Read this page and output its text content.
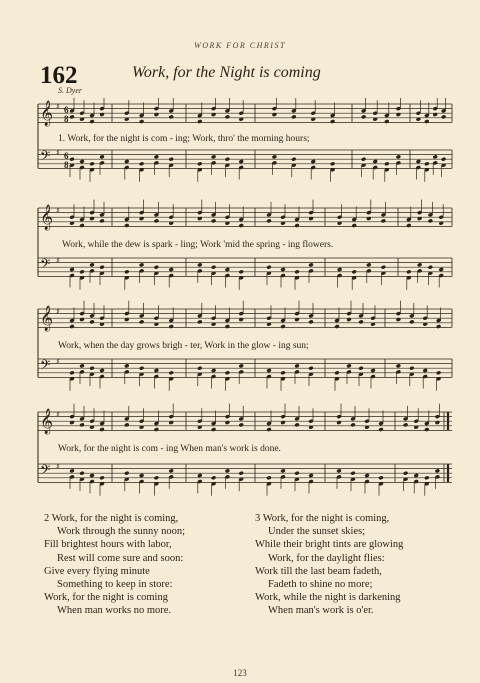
WORK FOR CHRIST
162	Work, for the Night is coming
S. Dyer
𝄞 ♯ 6
8
𝄢 ♯ 6
8
1. Work, for the night is com - ing; Work, thro' the morning hours;
𝄞 ♯
𝄢 ♯
Work, while the dew is spark - ling; Work 'mid the spring - ing flowers.
𝄞 ♯
𝄢 ♯
Work, when the day grows brigh - ter, Work in the glow - ing sun;
𝄞 ♯
𝄢 ♯
Work, for the night is com - ing When man's work is done.
2 Work, for the night is coming,
Work through the sunny noon;
Fill brightest hours with labor,
Rest will come sure and soon:
Give every flying minute
Something to keep in store:
Work, for the night is coming
When man works no more.
3 Work, for the night is coming,
Under the sunset skies;
While their bright tints are glowing
Work, for the daylight flies:
Work till the last beam fadeth,
Fadeth to shine no more;
Work, while the night is darkening
When man's work is o'er.
123
